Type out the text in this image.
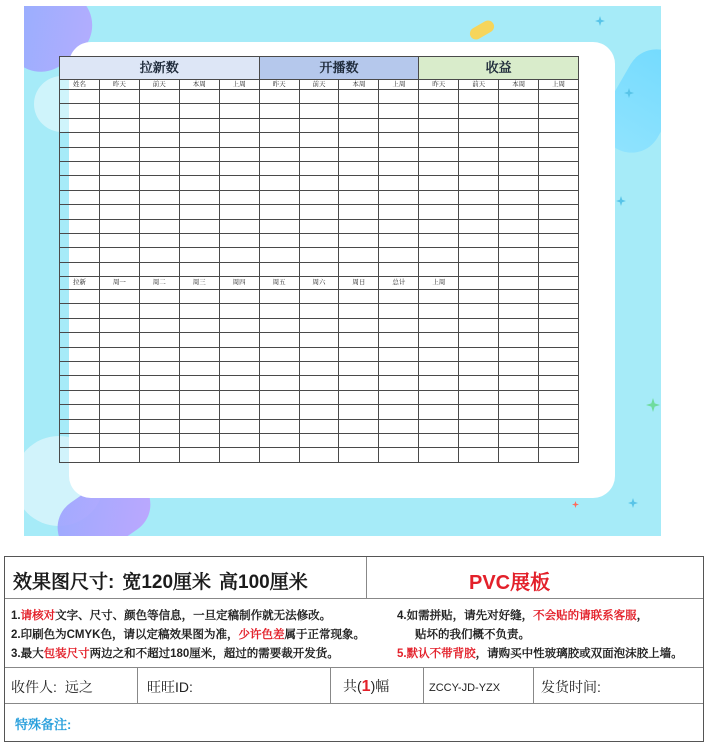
拉新数					开播数				收益			
姓名	昨天	前天	本周	上周	昨天	前天	本周	上周	昨天	前天	本周	上周

拉新	周一	周二	周三	周四	周五	周六	周日	总计	上周			

效果图尺寸: 宽120厘米 高100厘米	PVC展板
1.请核对文字、尺寸、颜色等信息，一旦定稿制作就无法修改。
2.印刷色为CMYK色，请以定稿效果图为准，少许色差属于正常现象。
3.最大包装尺寸两边之和不超过180厘米，超过的需要裁开发货。
4.如需拼贴，请先对好缝，不会贴的请联系客服，
贴坏的我们概不负责。
5.默认不带背胶，请购买中性玻璃胶或双面泡沫胶上墙。
收件人: 远之	旺旺ID:	共(1)幅	ZCCY-JD-YZX	发货时间:
特殊备注:
